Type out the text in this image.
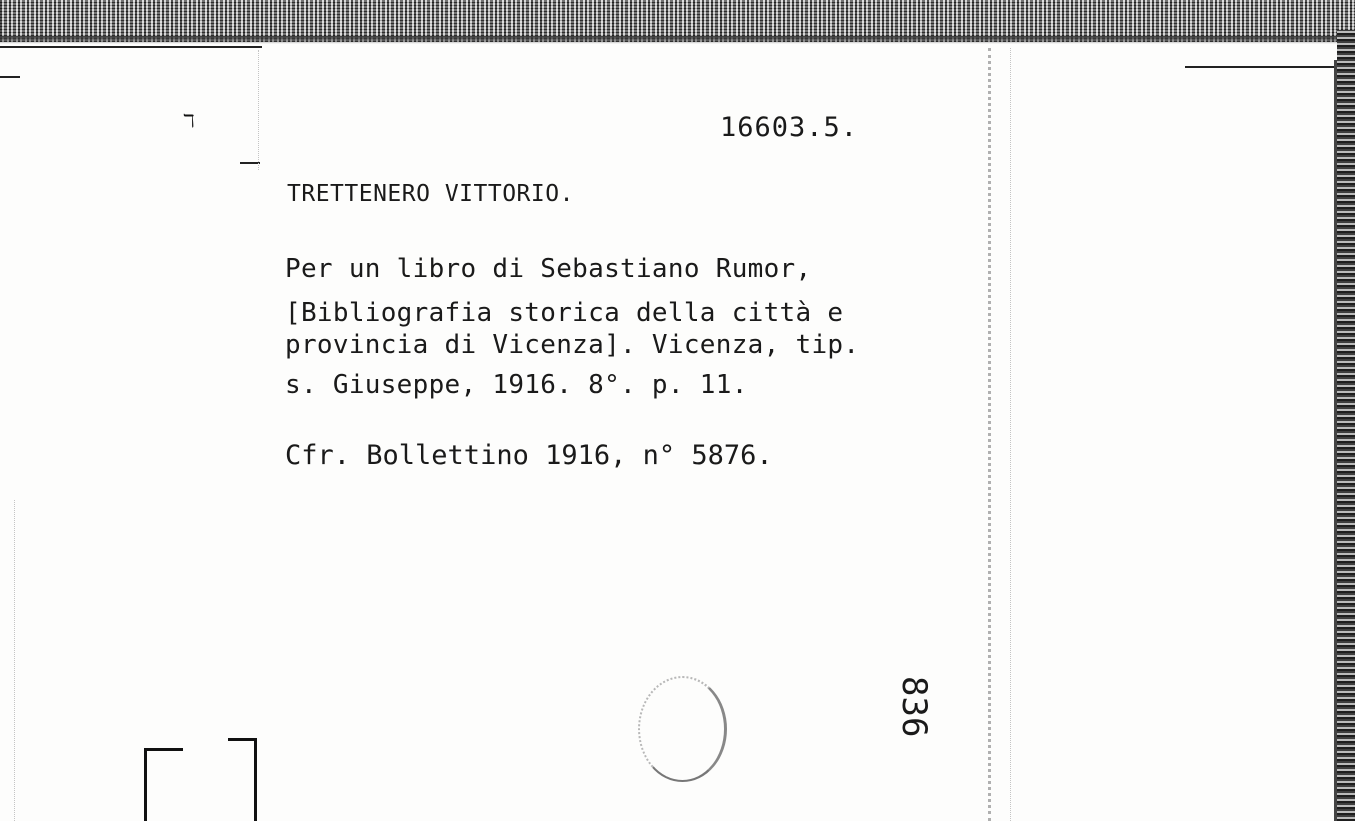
ℸ	16603.5.
TRETTENERO VITTORIO.
Per un libro di Sebastiano Rumor,
[Bibliografia storica della città e
provincia di Vicenza]. Vicenza, tip.
s. Giuseppe, 1916. 8°. p. 11.
Cfr. Bollettino 1916, n° 5876.
836
